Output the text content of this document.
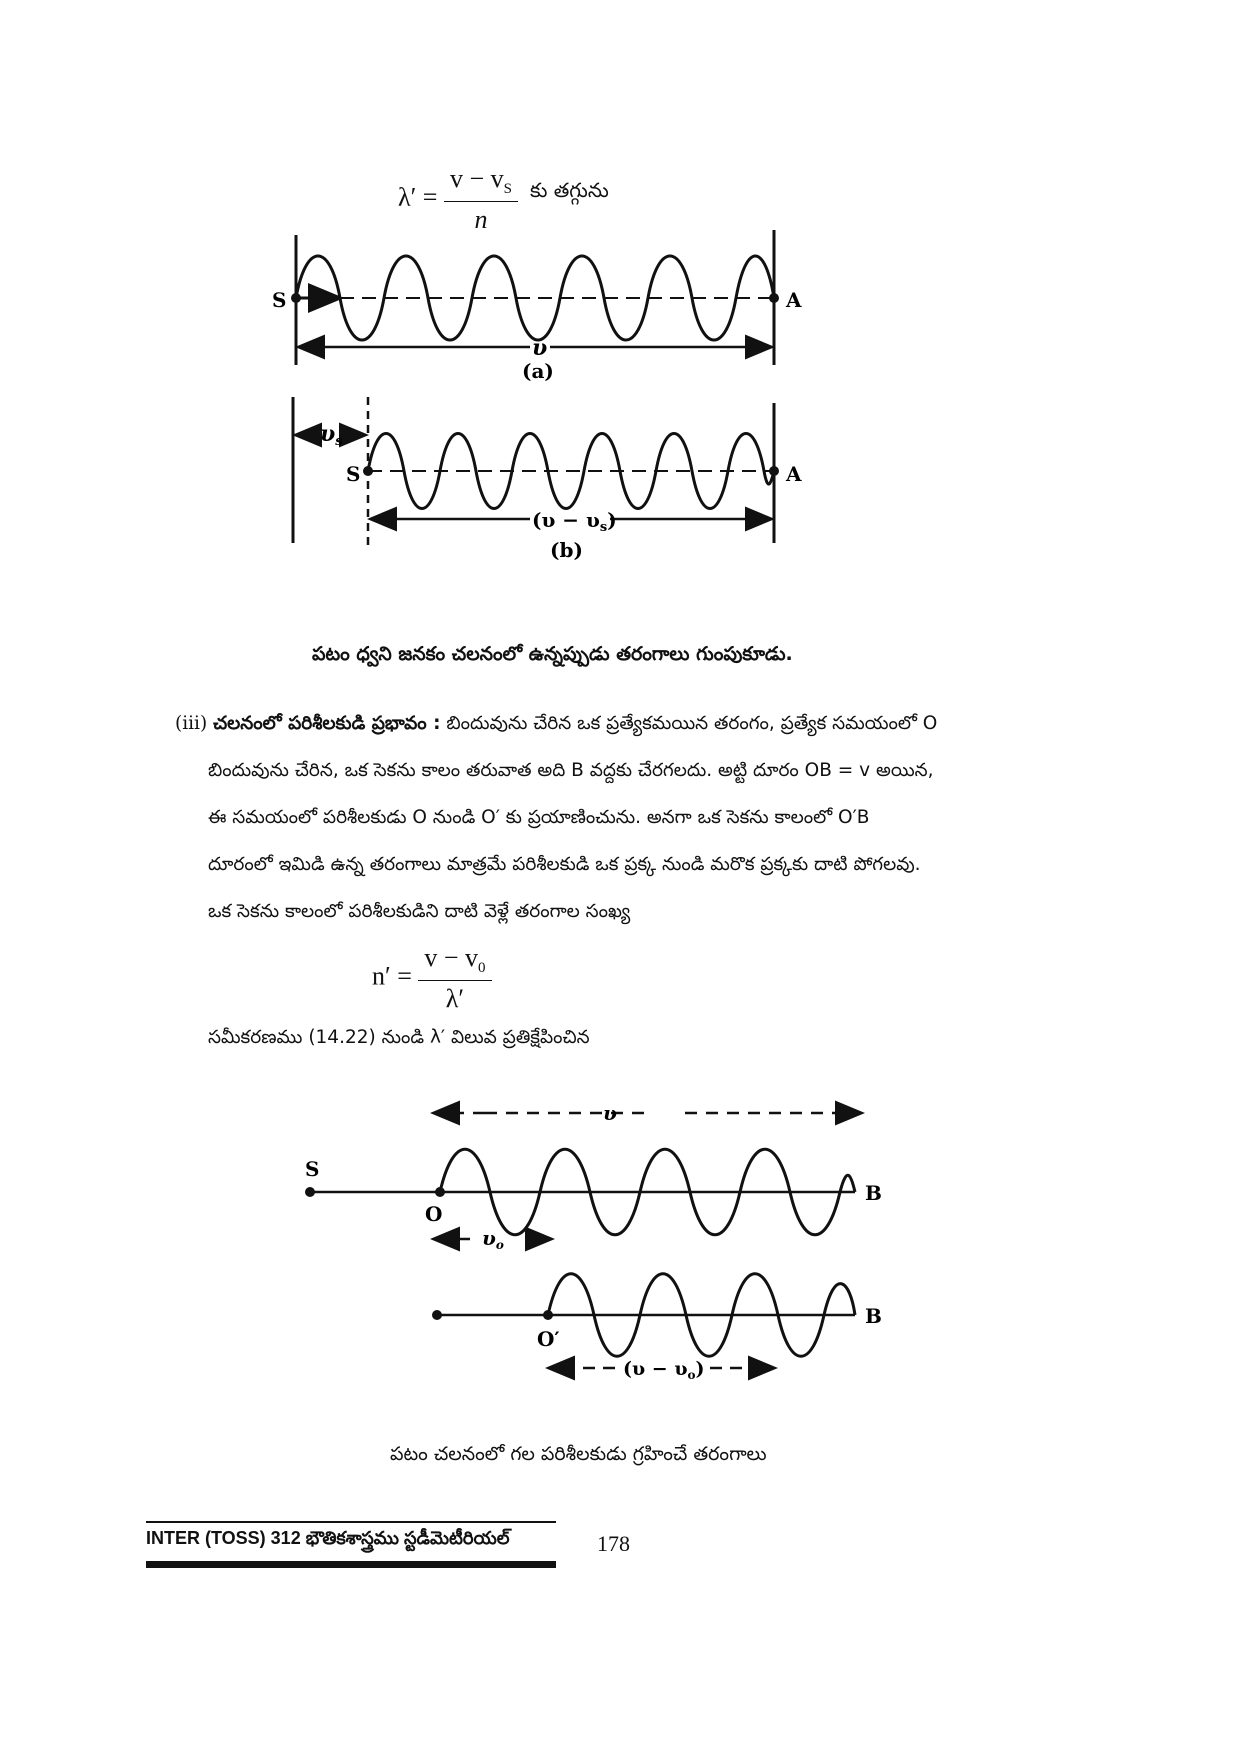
$\lambda' = \frac{v - v_S}{n}$ కు తగ్గును
S	A
υ
(a)
υs
S	A
$(\upsilon - \upsilon_s)$
(b)
పటం ధ్వని జనకం చలనంలో ఉన్నప్పుడు తరంగాలు గుంపుకూడు.
(iii) చలనంలో పరిశీలకుడి ప్రభావం : బిందువును చేరిన ఒక ప్రత్యేకమయిన తరంగం, ప్రత్యేక సమయంలో O
బిందువును చేరిన, ఒక సెకను కాలం తరువాత అది B వద్దకు చేరగలదు. అట్టి దూరం OB = v అయిన,
ఈ సమయంలో పరిశీలకుడు O నుండి O′ కు ప్రయాణించును. అనగా ఒక సెకను కాలంలో O′B
దూరంలో ఇమిడి ఉన్న తరంగాలు మాత్రమే పరిశీలకుడి ఒక ప్రక్క నుండి మరొక ప్రక్కకు దాటి పోగలవు.
ఒక సెకను కాలంలో పరిశీలకుడిని దాటి వెళ్లే తరంగాల సంఖ్య
$n' = \frac{v - v_0}{\lambda'}$
సమీకరణము (14.22) నుండి λ′ విలువ ప్రతిక్షేపించిన
υ
S
O
B
$\upsilon_o$
O′
B
$(\upsilon - \upsilon_o)$
పటం చలనంలో గల పరిశీలకుడు గ్రహించే తరంగాలు
INTER (TOSS) 312 భౌతికశాస్త్రము స్టడీమెటీరియల్	178
